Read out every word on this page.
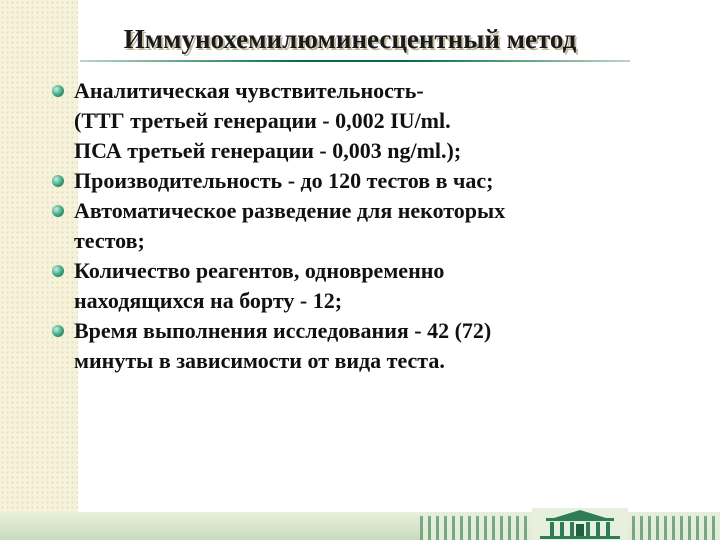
Иммунохемилюминесцентный метод
Аналитическая чувствительность-
(ТТГ третьей генерации - 0,002 IU/ml.
ПСА третьей генерации - 0,003 ng/ml.);
Производительность - до 120 тестов в час;
Автоматическое разведение для некоторых
тестов;
Количество реагентов, одновременно
находящихся на борту - 12;
Время выполнения исследования - 42 (72)
минуты в зависимости от вида теста.
